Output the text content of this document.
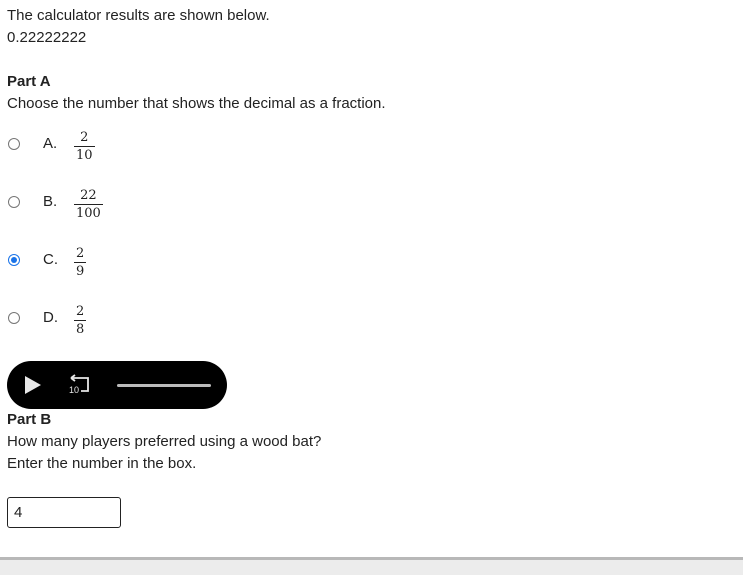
The calculator results are shown below.
0.22222222
Part A
Choose the number that shows the decimal as a fraction.
A. $\frac{2}{10}$
B. $\frac{22}{100}$
C. $\frac{2}{9}$
D. $\frac{2}{8}$
10
Part B
How many players preferred using a wood bat?
Enter the number in the box.
4
